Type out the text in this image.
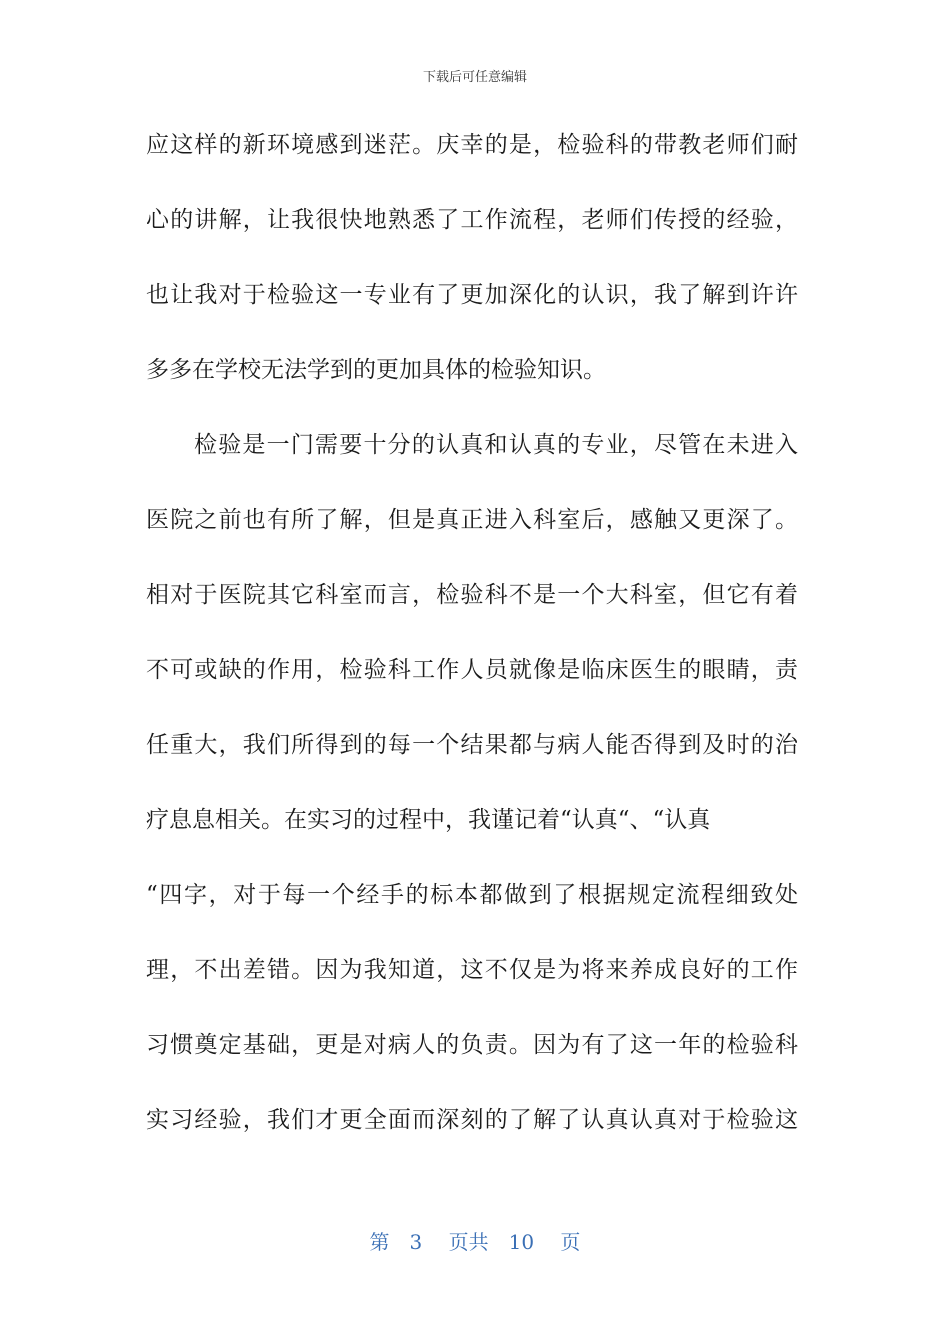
下载后可任意编辑
应这样的新环境感到迷茫。庆幸的是，检验科的带教老师们耐
心的讲解，让我很快地熟悉了工作流程，老师们传授的经验，
也让我对于检验这一专业有了更加深化的认识，我了解到许许
多多在学校无法学到的更加具体的检验知识。
检验是一门需要十分的认真和认真的专业，尽管在未进入
医院之前也有所了解，但是真正进入科室后，感触又更深了。
相对于医院其它科室而言，检验科不是一个大科室，但它有着
不可或缺的作用，检验科工作人员就像是临床医生的眼睛，责
任重大，我们所得到的每一个结果都与病人能否得到及时的治
疗息息相关。在实习的过程中，我谨记着“认真“、“认真
“四字，对于每一个经手的标本都做到了根据规定流程细致处
理，不出差错。因为我知道，这不仅是为将来养成良好的工作
习惯奠定基础，更是对病人的负责。因为有了这一年的检验科
实习经验，我们才更全面而深刻的了解了认真认真对于检验这
第　3　 页共　10　 页
